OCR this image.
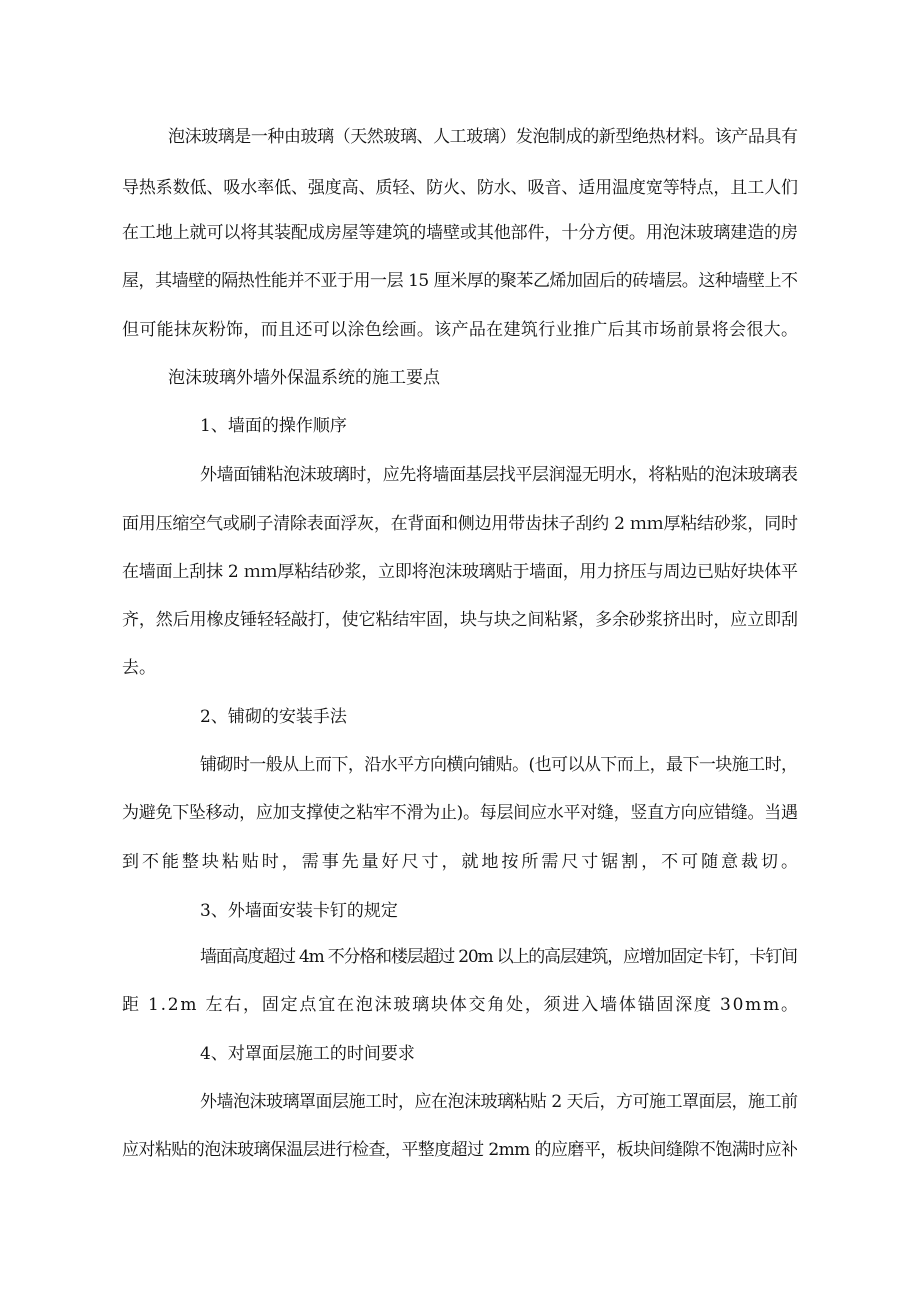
泡沫玻璃是一种由玻璃（天然玻璃、人工玻璃）发泡制成的新型绝热材料。该产品具有
导热系数低、吸水率低、强度高、质轻、防火、防水、吸音、适用温度宽等特点，且工人们
在工地上就可以将其装配成房屋等建筑的墙壁或其他部件，十分方便。用泡沫玻璃建造的房
屋，其墙壁的隔热性能并不亚于用一层 15 厘米厚的聚苯乙烯加固后的砖墙层。这种墙壁上不
但可能抹灰粉饰，而且还可以涂色绘画。该产品在建筑行业推广后其市场前景将会很大。
泡沫玻璃外墙外保温系统的施工要点
1、墙面的操作顺序
外墙面铺粘泡沫玻璃时，应先将墙面基层找平层润湿无明水，将粘贴的泡沫玻璃表
面用压缩空气或刷子清除表面浮灰，在背面和侧边用带齿抹子刮约 2 ｍｍ厚粘结砂浆，同时
在墙面上刮抹 2 ｍｍ厚粘结砂浆，立即将泡沫玻璃贴于墙面，用力挤压与周边已贴好块体平
齐，然后用橡皮锤轻轻敲打，使它粘结牢固，块与块之间粘紧，多余砂浆挤出时，应立即刮
去。
2、铺砌的安装手法
铺砌时一般从上而下，沿水平方向横向铺贴。(也可以从下而上，最下一块施工时，
为避免下坠移动，应加支撑使之粘牢不滑为止)。每层间应水平对缝，竖直方向应错缝。当遇
到不能整块粘贴时，需事先量好尺寸，就地按所需尺寸锯割，不可随意裁切。
3、外墙面安装卡钉的规定
墙面高度超过 4m 不分格和楼层超过 20m 以上的高层建筑，应增加固定卡钉，卡钉间
距 1.2m 左右，固定点宜在泡沫玻璃块体交角处，须进入墙体锚固深度 30mm。
4、对罩面层施工的时间要求
外墙泡沫玻璃罩面层施工时，应在泡沫玻璃粘贴 2 天后，方可施工罩面层，施工前
应对粘贴的泡沫玻璃保温层进行检查，平整度超过 2mm 的应磨平，板块间缝隙不饱满时应补
